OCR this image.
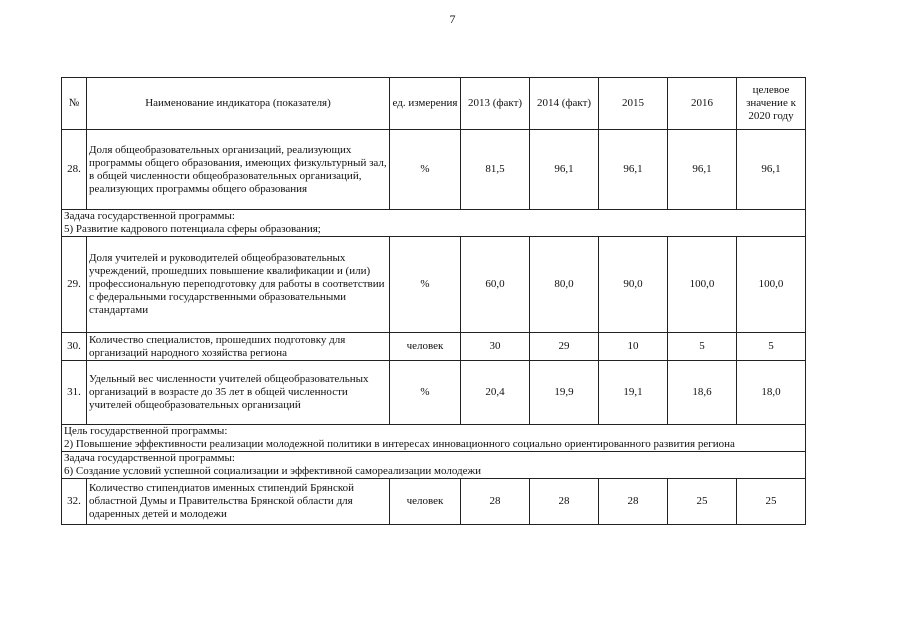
7
№	Наименование индикатора (показателя)	ед. измерения	2013 (факт)	2014 (факт)	2015	2016	целевое значение к 2020 году
28.	Доля общеобразовательных организаций, реализующих программы общего образования, имеющих физкультурный зал, в общей численности общеобразовательных организаций, реализующих программы общего образования	%	81,5	96,1	96,1	96,1	96,1

Задача государственной программы:
5) Развитие кадрового потенциала сферы образования;							

29.	Доля учителей и руководителей общеобразовательных учреждений, прошедших повышение квалификации и (или) профессиональную переподготовку для работы в соответствии с федеральными государственными образовательными стандартами	%	60,0	80,0	90,0	100,0	100,0
30.	Количество специалистов, прошедших подготовку для организаций народного хозяйства региона	человек	30	29	10	5	5
31.	Удельный вес численности учителей общеобразовательных организаций в возрасте до 35 лет в общей численности учителей общеобразовательных организаций	%	20,4	19,9	19,1	18,6	18,0

Цель государственной программы:
2) Повышение эффективности реализации молодежной политики в интересах инновационного социально ориентированного развития региона							

Задача государственной программы:
6) Создание условий успешной социализации и эффективной самореализации молодежи							

32.	Количество стипендиатов именных стипендий Брянской областной Думы и Правительства Брянской области для одаренных детей и молодежи	человек	28	28	28	25	25
